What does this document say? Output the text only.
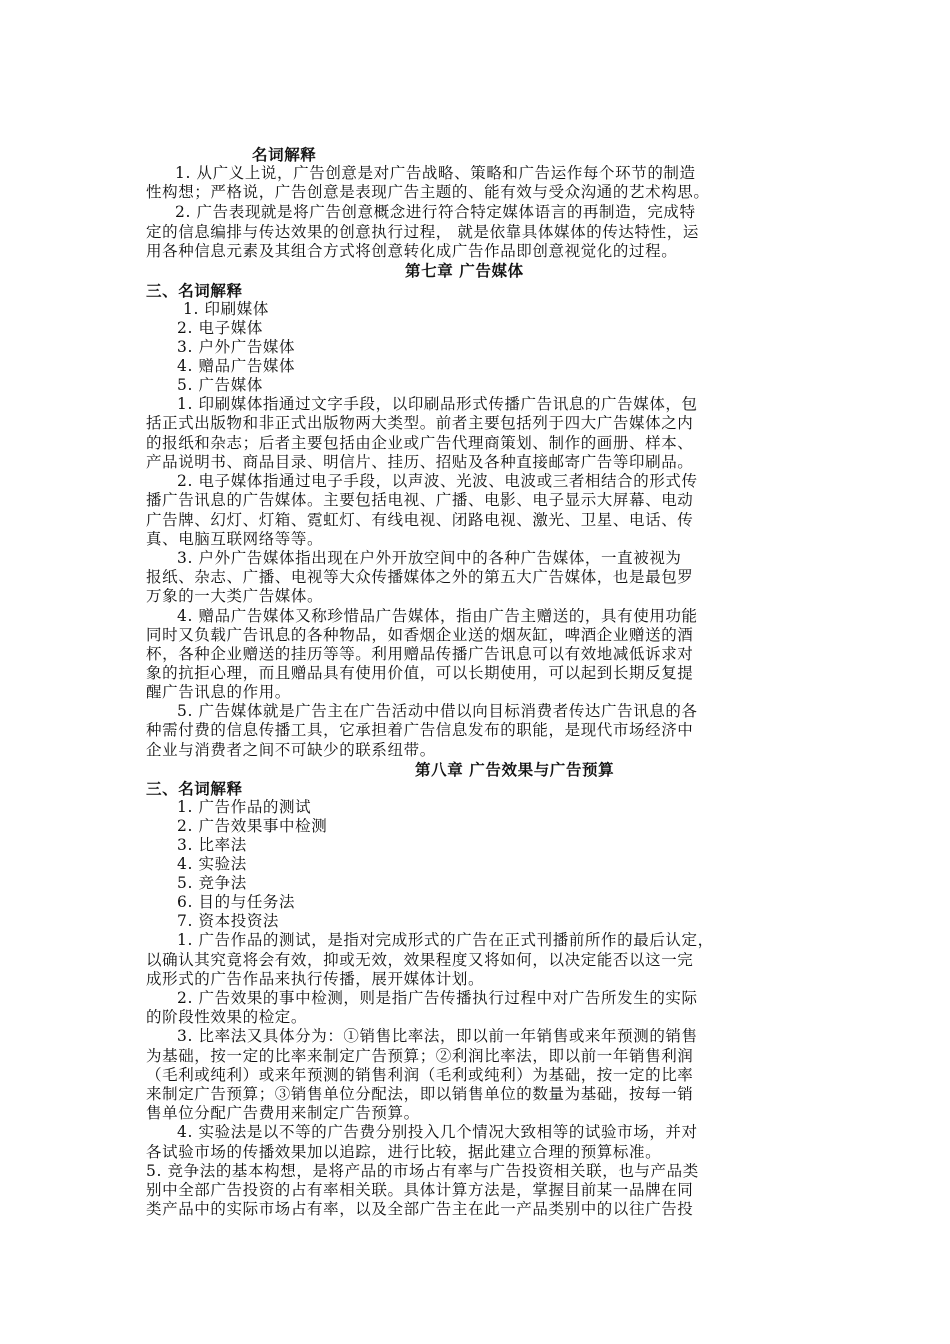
名词解释
1. 从广义上说，广告创意是对广告战略、策略和广告运作每个环节的制造
性构想；严格说，广告创意是表现广告主题的、能有效与受众沟通的艺术构思。
2. 广告表现就是将广告创意概念进行符合特定媒体语言的再制造，完成特
定的信息编排与传达效果的创意执行过程， 就是依靠具体媒体的传达特性，运
用各种信息元素及其组合方式将创意转化成广告作品即创意视觉化的过程。
第七章 广告媒体
三、名词解释
1. 印刷媒体
2. 电子媒体
3. 户外广告媒体
4. 赠品广告媒体
5. 广告媒体
1. 印刷媒体指通过文字手段，以印刷品形式传播广告讯息的广告媒体，包
括正式出版物和非正式出版物两大类型。前者主要包括列于四大广告媒体之内
的报纸和杂志；后者主要包括由企业或广告代理商策划、制作的画册、样本、
产品说明书、商品目录、明信片、挂历、招贴及各种直接邮寄广告等印刷品。
2. 电子媒体指通过电子手段，以声波、光波、电波或三者相结合的形式传
播广告讯息的广告媒体。主要包括电视、广播、电影、电子显示大屏幕、电动
广告牌、幻灯、灯箱、霓虹灯、有线电视、闭路电视、激光、卫星、电话、传
真、电脑互联网络等等。
3. 户外广告媒体指出现在户外开放空间中的各种广告媒体，一直被视为
报纸、杂志、广播、电视等大众传播媒体之外的第五大广告媒体，也是最包罗
万象的一大类广告媒体。
4. 赠品广告媒体又称珍惜品广告媒体，指由广告主赠送的，具有使用功能
同时又负载广告讯息的各种物品，如香烟企业送的烟灰缸，啤酒企业赠送的酒
杯，各种企业赠送的挂历等等。利用赠品传播广告讯息可以有效地减低诉求对
象的抗拒心理，而且赠品具有使用价值，可以长期使用，可以起到长期反复提
醒广告讯息的作用。
5. 广告媒体就是广告主在广告活动中借以向目标消费者传达广告讯息的各
种需付费的信息传播工具，它承担着广告信息发布的职能，是现代市场经济中
企业与消费者之间不可缺少的联系纽带。
第八章 广告效果与广告预算
三、名词解释
1. 广告作品的测试
2. 广告效果事中检测
3. 比率法
4. 实验法
5. 竞争法
6. 目的与任务法
7. 资本投资法
1. 广告作品的测试，是指对完成形式的广告在正式刊播前所作的最后认定，
以确认其究竟将会有效，抑或无效，效果程度又将如何，以决定能否以这一完
成形式的广告作品来执行传播，展开媒体计划。
2. 广告效果的事中检测，则是指广告传播执行过程中对广告所发生的实际
的阶段性效果的检定。
3. 比率法又具体分为：①销售比率法，即以前一年销售或来年预测的销售
为基础，按一定的比率来制定广告预算；②利润比率法，即以前一年销售利润
（毛利或纯利）或来年预测的销售利润（毛利或纯利）为基础，按一定的比率
来制定广告预算；③销售单位分配法，即以销售单位的数量为基础，按每一销
售单位分配广告费用来制定广告预算。
4. 实验法是以不等的广告费分别投入几个情况大致相等的试验市场，并对
各试验市场的传播效果加以追踪，进行比较，据此建立合理的预算标准。
5. 竞争法的基本构想，是将产品的市场占有率与广告投资相关联，也与产品类
别中全部广告投资的占有率相关联。具体计算方法是，掌握目前某一品牌在同
类产品中的实际市场占有率，以及全部广告主在此一产品类别中的以往广告投
